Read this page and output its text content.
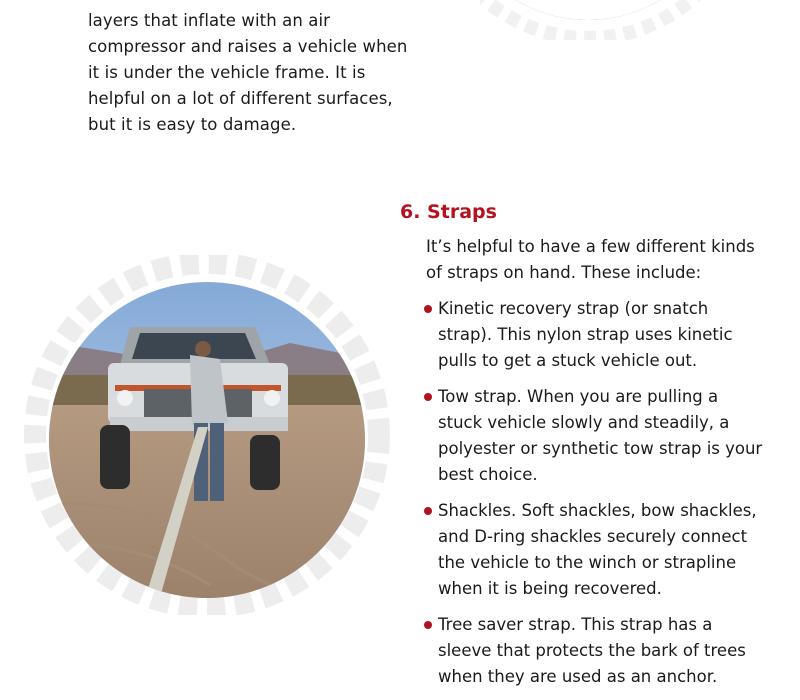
layers that inflate with an air

compressor and raises a vehicle when

it is under the vehicle frame. It is

helpful on a lot of different surfaces,

but it is easy to damage.

6. Straps

It’s helpful to have a few different kinds of straps on hand. These include:

Kinetic recovery strap (or snatch strap). This nylon strap uses kinetic pulls to get a stuck vehicle out.
Tow strap. When you are pulling a stuck vehicle slowly and steadily, a polyester or synthetic tow strap is your best choice.
Shackles. Soft shackles, bow shackles, and D-ring shackles securely connect the vehicle to the winch or strapline when it is being recovered.
Tree saver strap. This strap has a sleeve that protects the bark of trees when they are used as an anchor.
